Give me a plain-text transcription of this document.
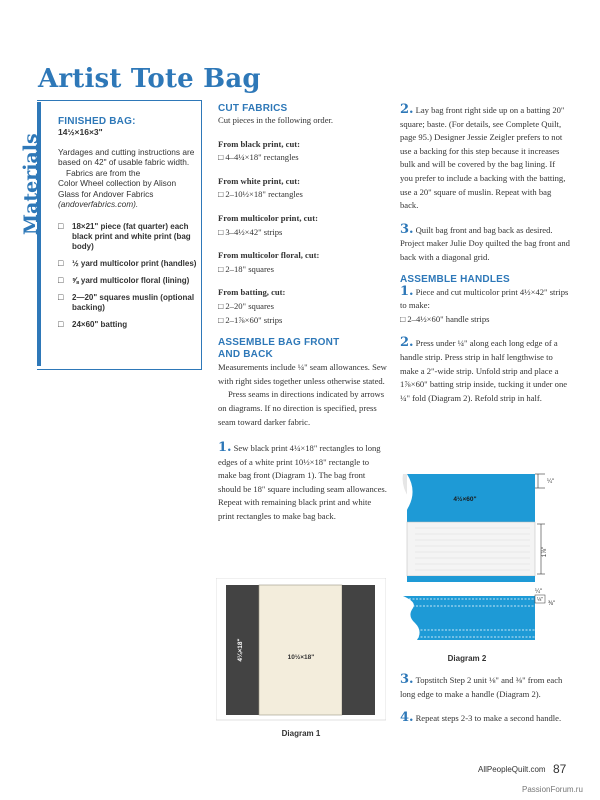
Artist Tote Bag
Materials
FINISHED BAG:
14½×16×3"
Yardages and cutting instructions are based on 42" of usable fabric width.
Fabrics are from the
Color Wheel collection by Alison Glass for Andover Fabrics (andoverfabrics.com).
□ 18×21" piece (fat quarter) each black print and white print (bag body)
□ ½ yard multicolor print (handles)
□ ⅝ yard multicolor floral (lining)
□ 2—20" squares muslin (optional backing)
□ 24×60" batting
CUT FABRICS

Cut pieces in the following order.

From black print, cut:

□ 4–4¼×18" rectangles

From white print, cut:

□ 2–10½×18" rectangles

From multicolor print, cut:

□ 3–4½×42" strips

From multicolor floral, cut:

□ 2–18" squares

From batting, cut:

□ 2–20" squares

□ 2–1⅞×60" strips

ASSEMBLE BAG FRONT AND BACK

Measurements include ¼" seam allowances. Sew with right sides together unless otherwise stated.

Press seams in directions indicated by arrows on diagrams. If no direction is specified, press seam toward darker fabric.

1. Sew black print 4¼×18" rectangles to long edges of a white print 10½×18" rectangle to make bag front (Diagram 1). The bag front should be 18" square including seam allowances. Repeat with remaining black print and white print rectangles to make bag back.

4¼×18"	10½×18"
Diagram 1

2. Lay bag front right side up on a batting 20" square; baste. (For details, see Complete Quilt, page 95.) Designer Jessie Zeigler prefers to not use a backing for this step because it increases bulk and will be covered by the bag lining. If you prefer to include a backing with the batting, use a 20" square of muslin. Repeat with bag back.

3. Quilt bag front and bag back as desired. Project maker Julie Doy quilted the bag front and back with a diagonal grid.

ASSEMBLE HANDLES

1. Piece and cut multicolor print 4½×42" strips to make:

□ 2–4½×60" handle strips

2. Press under ¼" along each long edge of a handle strip. Press strip in half lengthwise to make a 2"-wide strip. Unfold strip and place a 1⅞×60" batting strip inside, tucking it under one ¼" fold (Diagram 2). Refold strip in half.

4½×60"
¼"
1⅞"
¼"
⅛"
⅜"
Diagram 2

3. Topstitch Step 2 unit ⅛" and ⅜" from each long edge to make a handle (Diagram 2).

4. Repeat steps 2-3 to make a second handle.

AllPeopleQuilt.com 87
PassionForum.ru
